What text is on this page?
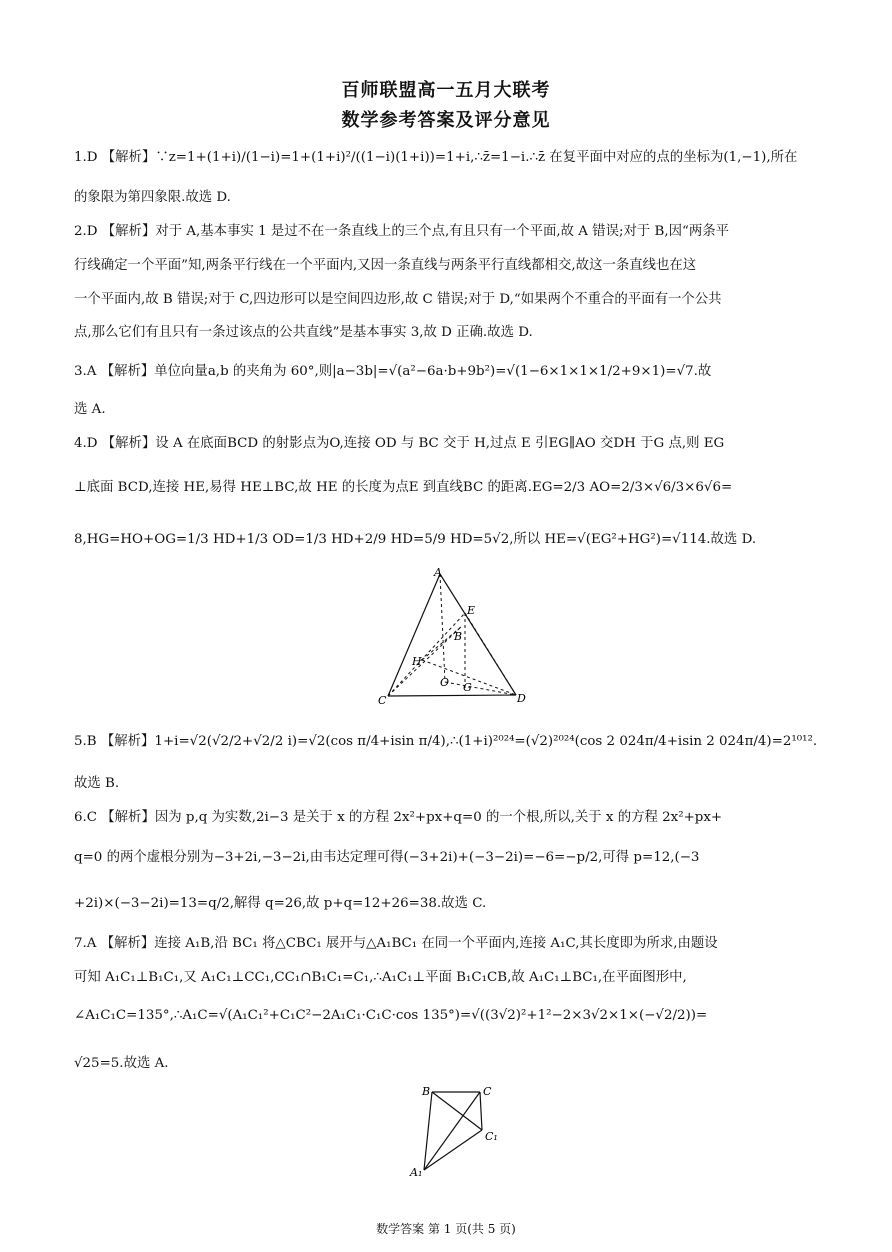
百师联盟高一五月大联考
数学参考答案及评分意见
1.D 【解析】∵z=1+(1+i)/(1−i)=1+(1+i)²/((1−i)(1+i))=1+i,∴z̄=1−i.∴z̄ 在复平面中对应的点的坐标为(1,−1),所在
的象限为第四象限.故选 D.
2.D 【解析】对于 A,基本事实 1 是过不在一条直线上的三个点,有且只有一个平面,故 A 错误;对于 B,因“两条平
行线确定一个平面”知,两条平行线在一个平面内,又因一条直线与两条平行直线都相交,故这一条直线也在这
一个平面内,故 B 错误;对于 C,四边形可以是空间四边形,故 C 错误;对于 D,“如果两个不重合的平面有一个公共
点,那么它们有且只有一条过该点的公共直线”是基本事实 3,故 D 正确.故选 D.
3.A 【解析】单位向量a,b 的夹角为 60°,则|a−3b|=√(a²−6a·b+9b²)=√(1−6×1×1×1/2+9×1)=√7.故
选 A.
4.D 【解析】设 A 在底面BCD 的射影点为O,连接 OD 与 BC 交于 H,过点 E 引EG∥AO 交DH 于G 点,则 EG
⊥底面 BCD,连接 HE,易得 HE⊥BC,故 HE 的长度为点E 到直线BC 的距离.EG=2/3 AO=2/3×√6/3×6√6=
8,HG=HO+OG=1/3 HD+1/3 OD=1/3 HD+2/9 HD=5/9 HD=5√2,所以 HE=√(EG²+HG²)=√114.故选 D.
A
E
B
H
O G
C	D
5.B 【解析】1+i=√2(√2/2+√2/2 i)=√2(cos π/4+isin π/4),∴(1+i)²⁰²⁴=(√2)²⁰²⁴(cos 2 024π/4+isin 2 024π/4)=2¹⁰¹².
故选 B.
6.C 【解析】因为 p,q 为实数,2i−3 是关于 x 的方程 2x²+px+q=0 的一个根,所以,关于 x 的方程 2x²+px+
q=0 的两个虚根分别为−3+2i,−3−2i,由韦达定理可得(−3+2i)+(−3−2i)=−6=−p/2,可得 p=12,(−3
+2i)×(−3−2i)=13=q/2,解得 q=26,故 p+q=12+26=38.故选 C.
7.A 【解析】连接 A₁B,沿 BC₁ 将△CBC₁ 展开与△A₁BC₁ 在同一个平面内,连接 A₁C,其长度即为所求,由题设
可知 A₁C₁⊥B₁C₁,又 A₁C₁⊥CC₁,CC₁∩B₁C₁=C₁,∴A₁C₁⊥平面 B₁C₁CB,故 A₁C₁⊥BC₁,在平面图形中,
∠A₁C₁C=135°,∴A₁C=√(A₁C₁²+C₁C²−2A₁C₁·C₁C·cos 135°)=√((3√2)²+1²−2×3√2×1×(−√2/2))=
√25=5.故选 A.
B	C
C₁
A₁
数学答案 第 1 页(共 5 页)
